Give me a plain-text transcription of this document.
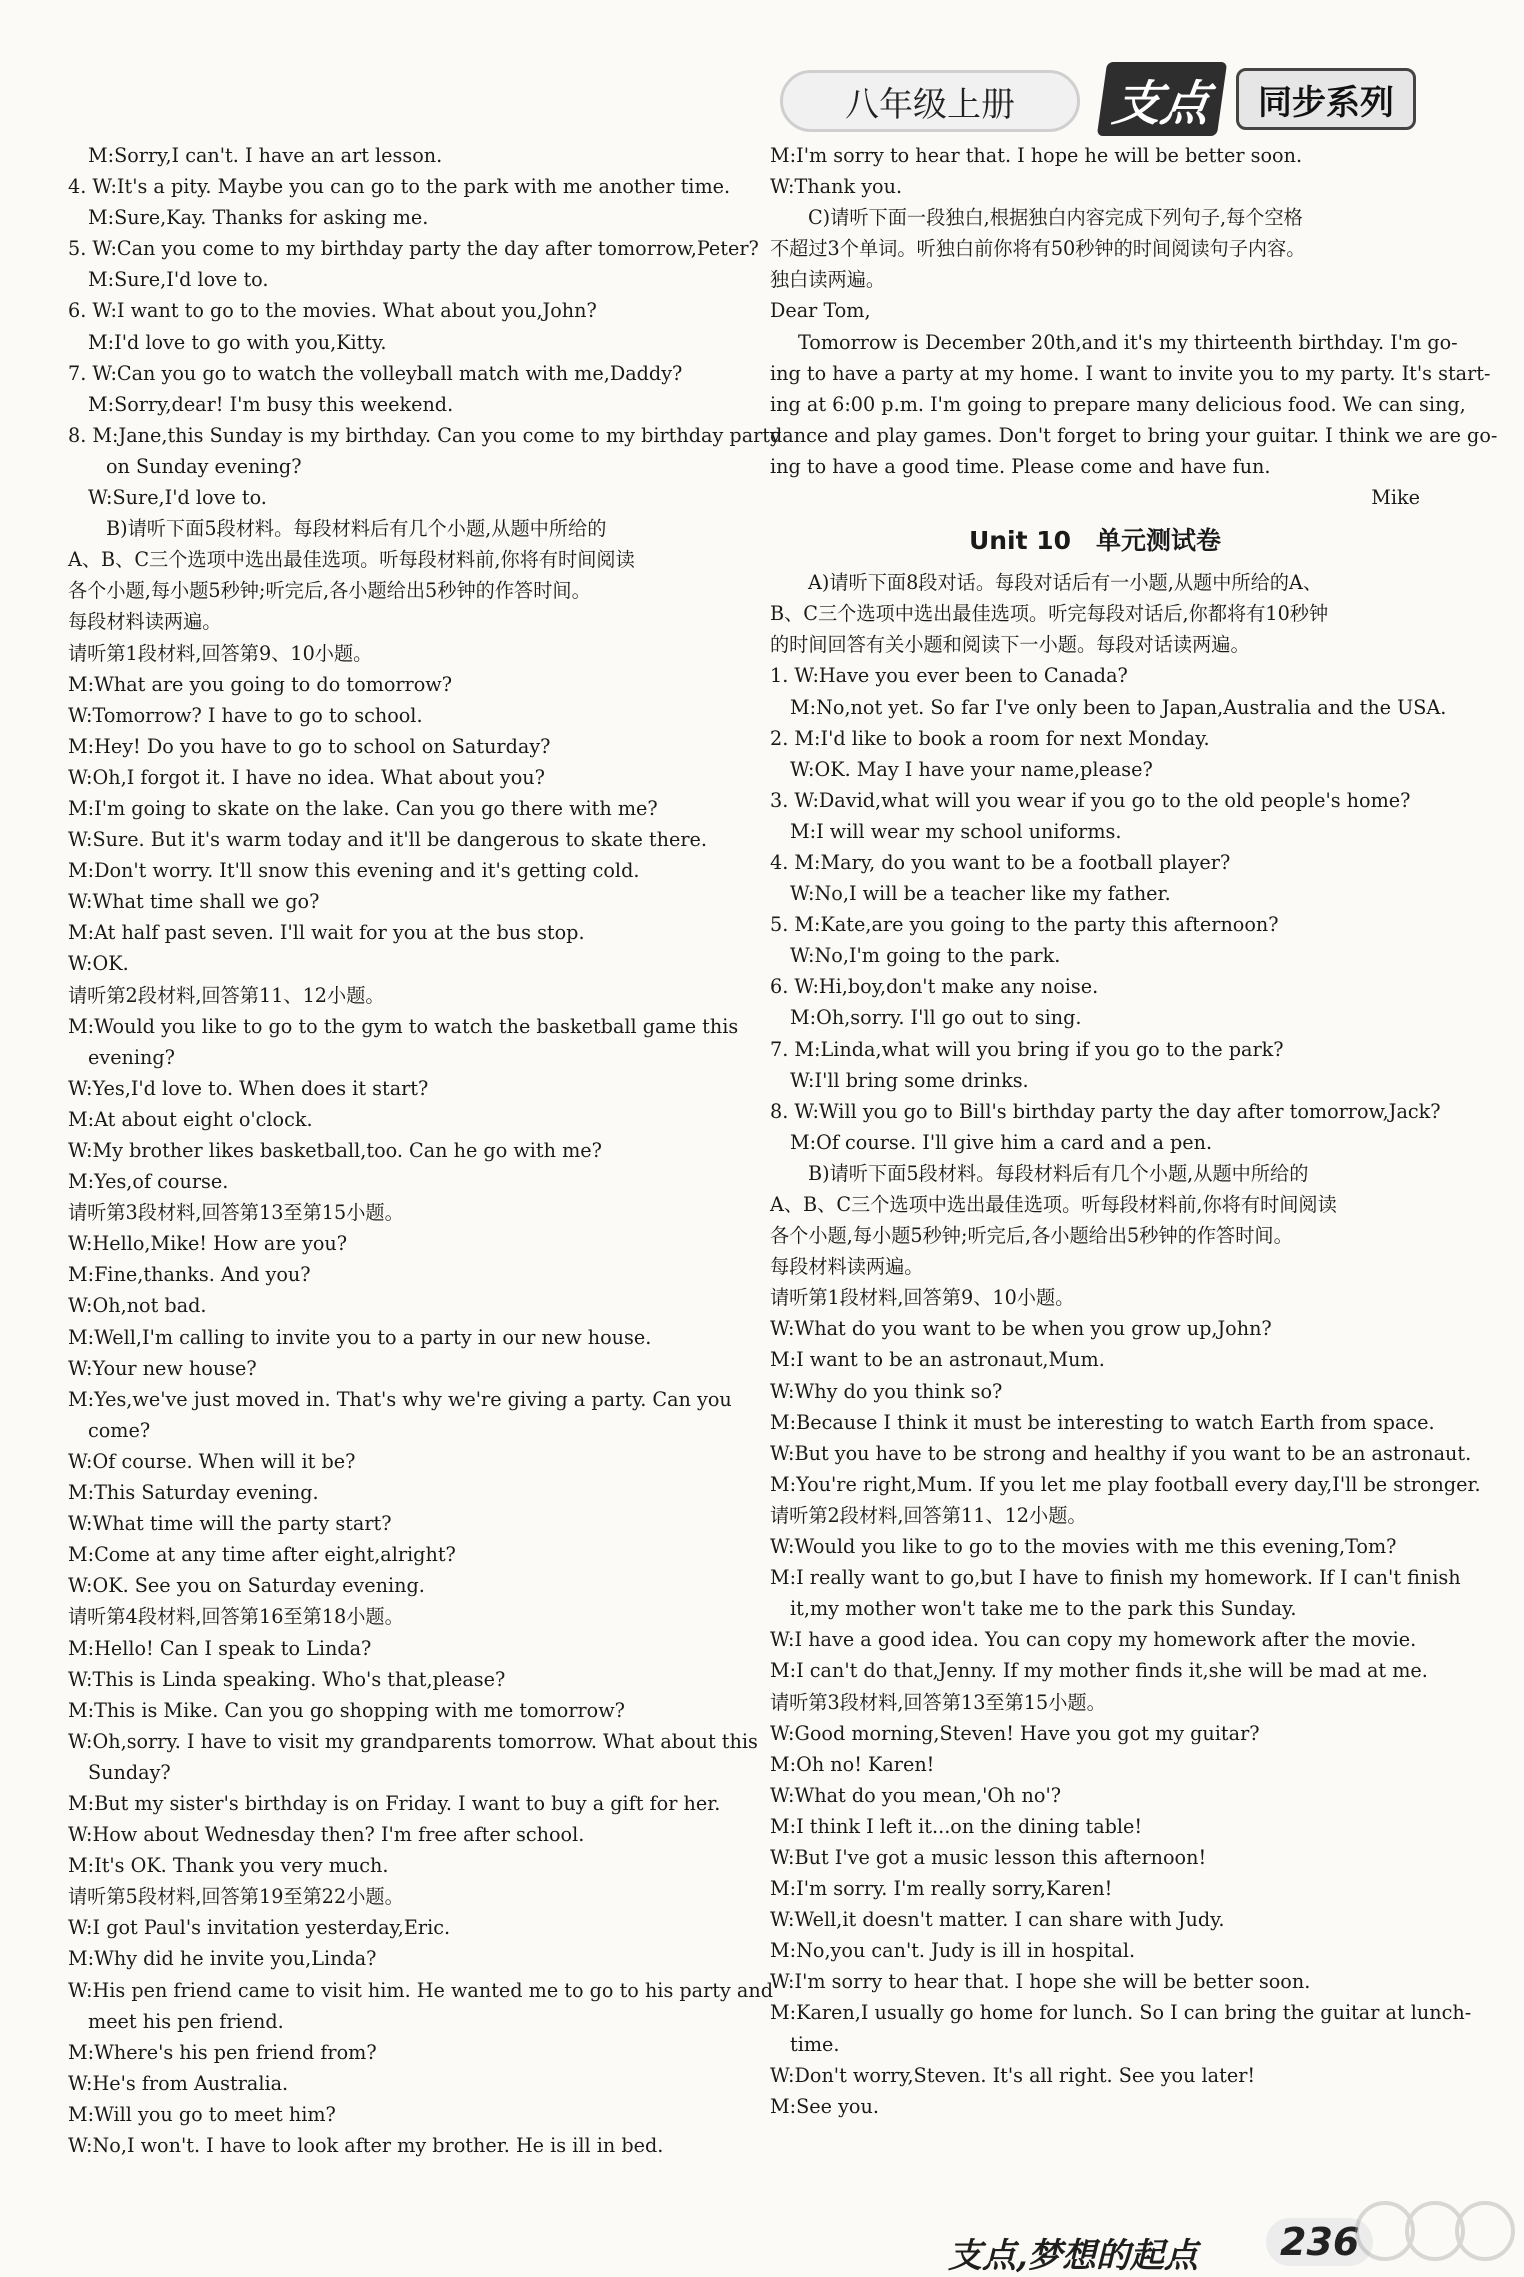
八年级上册	支点	同步系列
M:Sorry,I can't. I have an art lesson.
4. W:It's a pity. Maybe you can go to the park with me another time.
M:Sure,Kay. Thanks for asking me.
5. W:Can you come to my birthday party the day after tomorrow,Peter?
M:Sure,I'd love to.
6. W:I want to go to the movies. What about you,John?
M:I'd love to go with you,Kitty.
7. W:Can you go to watch the volleyball match with me,Daddy?
M:Sorry,dear! I'm busy this weekend.
8. M:Jane,this Sunday is my birthday. Can you come to my birthday party
on Sunday evening?
W:Sure,I'd love to.
B)请听下面5段材料。每段材料后有几个小题,从题中所给的
A、B、C三个选项中选出最佳选项。听每段材料前,你将有时间阅读
各个小题,每小题5秒钟;听完后,各小题给出5秒钟的作答时间。
每段材料读两遍。
请听第1段材料,回答第9、10小题。
M:What are you going to do tomorrow?
W:Tomorrow? I have to go to school.
M:Hey! Do you have to go to school on Saturday?
W:Oh,I forgot it. I have no idea. What about you?
M:I'm going to skate on the lake. Can you go there with me?
W:Sure. But it's warm today and it'll be dangerous to skate there.
M:Don't worry. It'll snow this evening and it's getting cold.
W:What time shall we go?
M:At half past seven. I'll wait for you at the bus stop.
W:OK.
请听第2段材料,回答第11、12小题。
M:Would you like to go to the gym to watch the basketball game this
evening?
W:Yes,I'd love to. When does it start?
M:At about eight o'clock.
W:My brother likes basketball,too. Can he go with me?
M:Yes,of course.
请听第3段材料,回答第13至第15小题。
W:Hello,Mike! How are you?
M:Fine,thanks. And you?
W:Oh,not bad.
M:Well,I'm calling to invite you to a party in our new house.
W:Your new house?
M:Yes,we've just moved in. That's why we're giving a party. Can you
come?
W:Of course. When will it be?
M:This Saturday evening.
W:What time will the party start?
M:Come at any time after eight,alright?
W:OK. See you on Saturday evening.
请听第4段材料,回答第16至第18小题。
M:Hello! Can I speak to Linda?
W:This is Linda speaking. Who's that,please?
M:This is Mike. Can you go shopping with me tomorrow?
W:Oh,sorry. I have to visit my grandparents tomorrow. What about this
Sunday?
M:But my sister's birthday is on Friday. I want to buy a gift for her.
W:How about Wednesday then? I'm free after school.
M:It's OK. Thank you very much.
请听第5段材料,回答第19至第22小题。
W:I got Paul's invitation yesterday,Eric.
M:Why did he invite you,Linda?
W:His pen friend came to visit him. He wanted me to go to his party and
meet his pen friend.
M:Where's his pen friend from?
W:He's from Australia.
M:Will you go to meet him?
W:No,I won't. I have to look after my brother. He is ill in bed.
M:I'm sorry to hear that. I hope he will be better soon.
W:Thank you.
C)请听下面一段独白,根据独白内容完成下列句子,每个空格
不超过3个单词。听独白前你将有50秒钟的时间阅读句子内容。
独白读两遍。
Dear Tom,
Tomorrow is December 20th,and it's my thirteenth birthday. I'm go-
ing to have a party at my home. I want to invite you to my party. It's start-
ing at 6:00 p.m. I'm going to prepare many delicious food. We can sing,
dance and play games. Don't forget to bring your guitar. I think we are go-
ing to have a good time. Please come and have fun.
Mike
Unit 10　单元测试卷
A)请听下面8段对话。每段对话后有一小题,从题中所给的A、
B、C三个选项中选出最佳选项。听完每段对话后,你都将有10秒钟
的时间回答有关小题和阅读下一小题。每段对话读两遍。
1. W:Have you ever been to Canada?
M:No,not yet. So far I've only been to Japan,Australia and the USA.
2. M:I'd like to book a room for next Monday.
W:OK. May I have your name,please?
3. W:David,what will you wear if you go to the old people's home?
M:I will wear my school uniforms.
4. M:Mary, do you want to be a football player?
W:No,I will be a teacher like my father.
5. M:Kate,are you going to the party this afternoon?
W:No,I'm going to the park.
6. W:Hi,boy,don't make any noise.
M:Oh,sorry. I'll go out to sing.
7. M:Linda,what will you bring if you go to the park?
W:I'll bring some drinks.
8. W:Will you go to Bill's birthday party the day after tomorrow,Jack?
M:Of course. I'll give him a card and a pen.
B)请听下面5段材料。每段材料后有几个小题,从题中所给的
A、B、C三个选项中选出最佳选项。听每段材料前,你将有时间阅读
各个小题,每小题5秒钟;听完后,各小题给出5秒钟的作答时间。
每段材料读两遍。
请听第1段材料,回答第9、10小题。
W:What do you want to be when you grow up,John?
M:I want to be an astronaut,Mum.
W:Why do you think so?
M:Because I think it must be interesting to watch Earth from space.
W:But you have to be strong and healthy if you want to be an astronaut.
M:You're right,Mum. If you let me play football every day,I'll be stronger.
请听第2段材料,回答第11、12小题。
W:Would you like to go to the movies with me this evening,Tom?
M:I really want to go,but I have to finish my homework. If I can't finish
it,my mother won't take me to the park this Sunday.
W:I have a good idea. You can copy my homework after the movie.
M:I can't do that,Jenny. If my mother finds it,she will be mad at me.
请听第3段材料,回答第13至第15小题。
W:Good morning,Steven! Have you got my guitar?
M:Oh no! Karen!
W:What do you mean,'Oh no'?
M:I think I left it...on the dining table!
W:But I've got a music lesson this afternoon!
M:I'm sorry. I'm really sorry,Karen!
W:Well,it doesn't matter. I can share with Judy.
M:No,you can't. Judy is ill in hospital.
W:I'm sorry to hear that. I hope she will be better soon.
M:Karen,I usually go home for lunch. So I can bring the guitar at lunch-
time.
W:Don't worry,Steven. It's all right. See you later!
M:See you.
支点,梦想的起点	236
